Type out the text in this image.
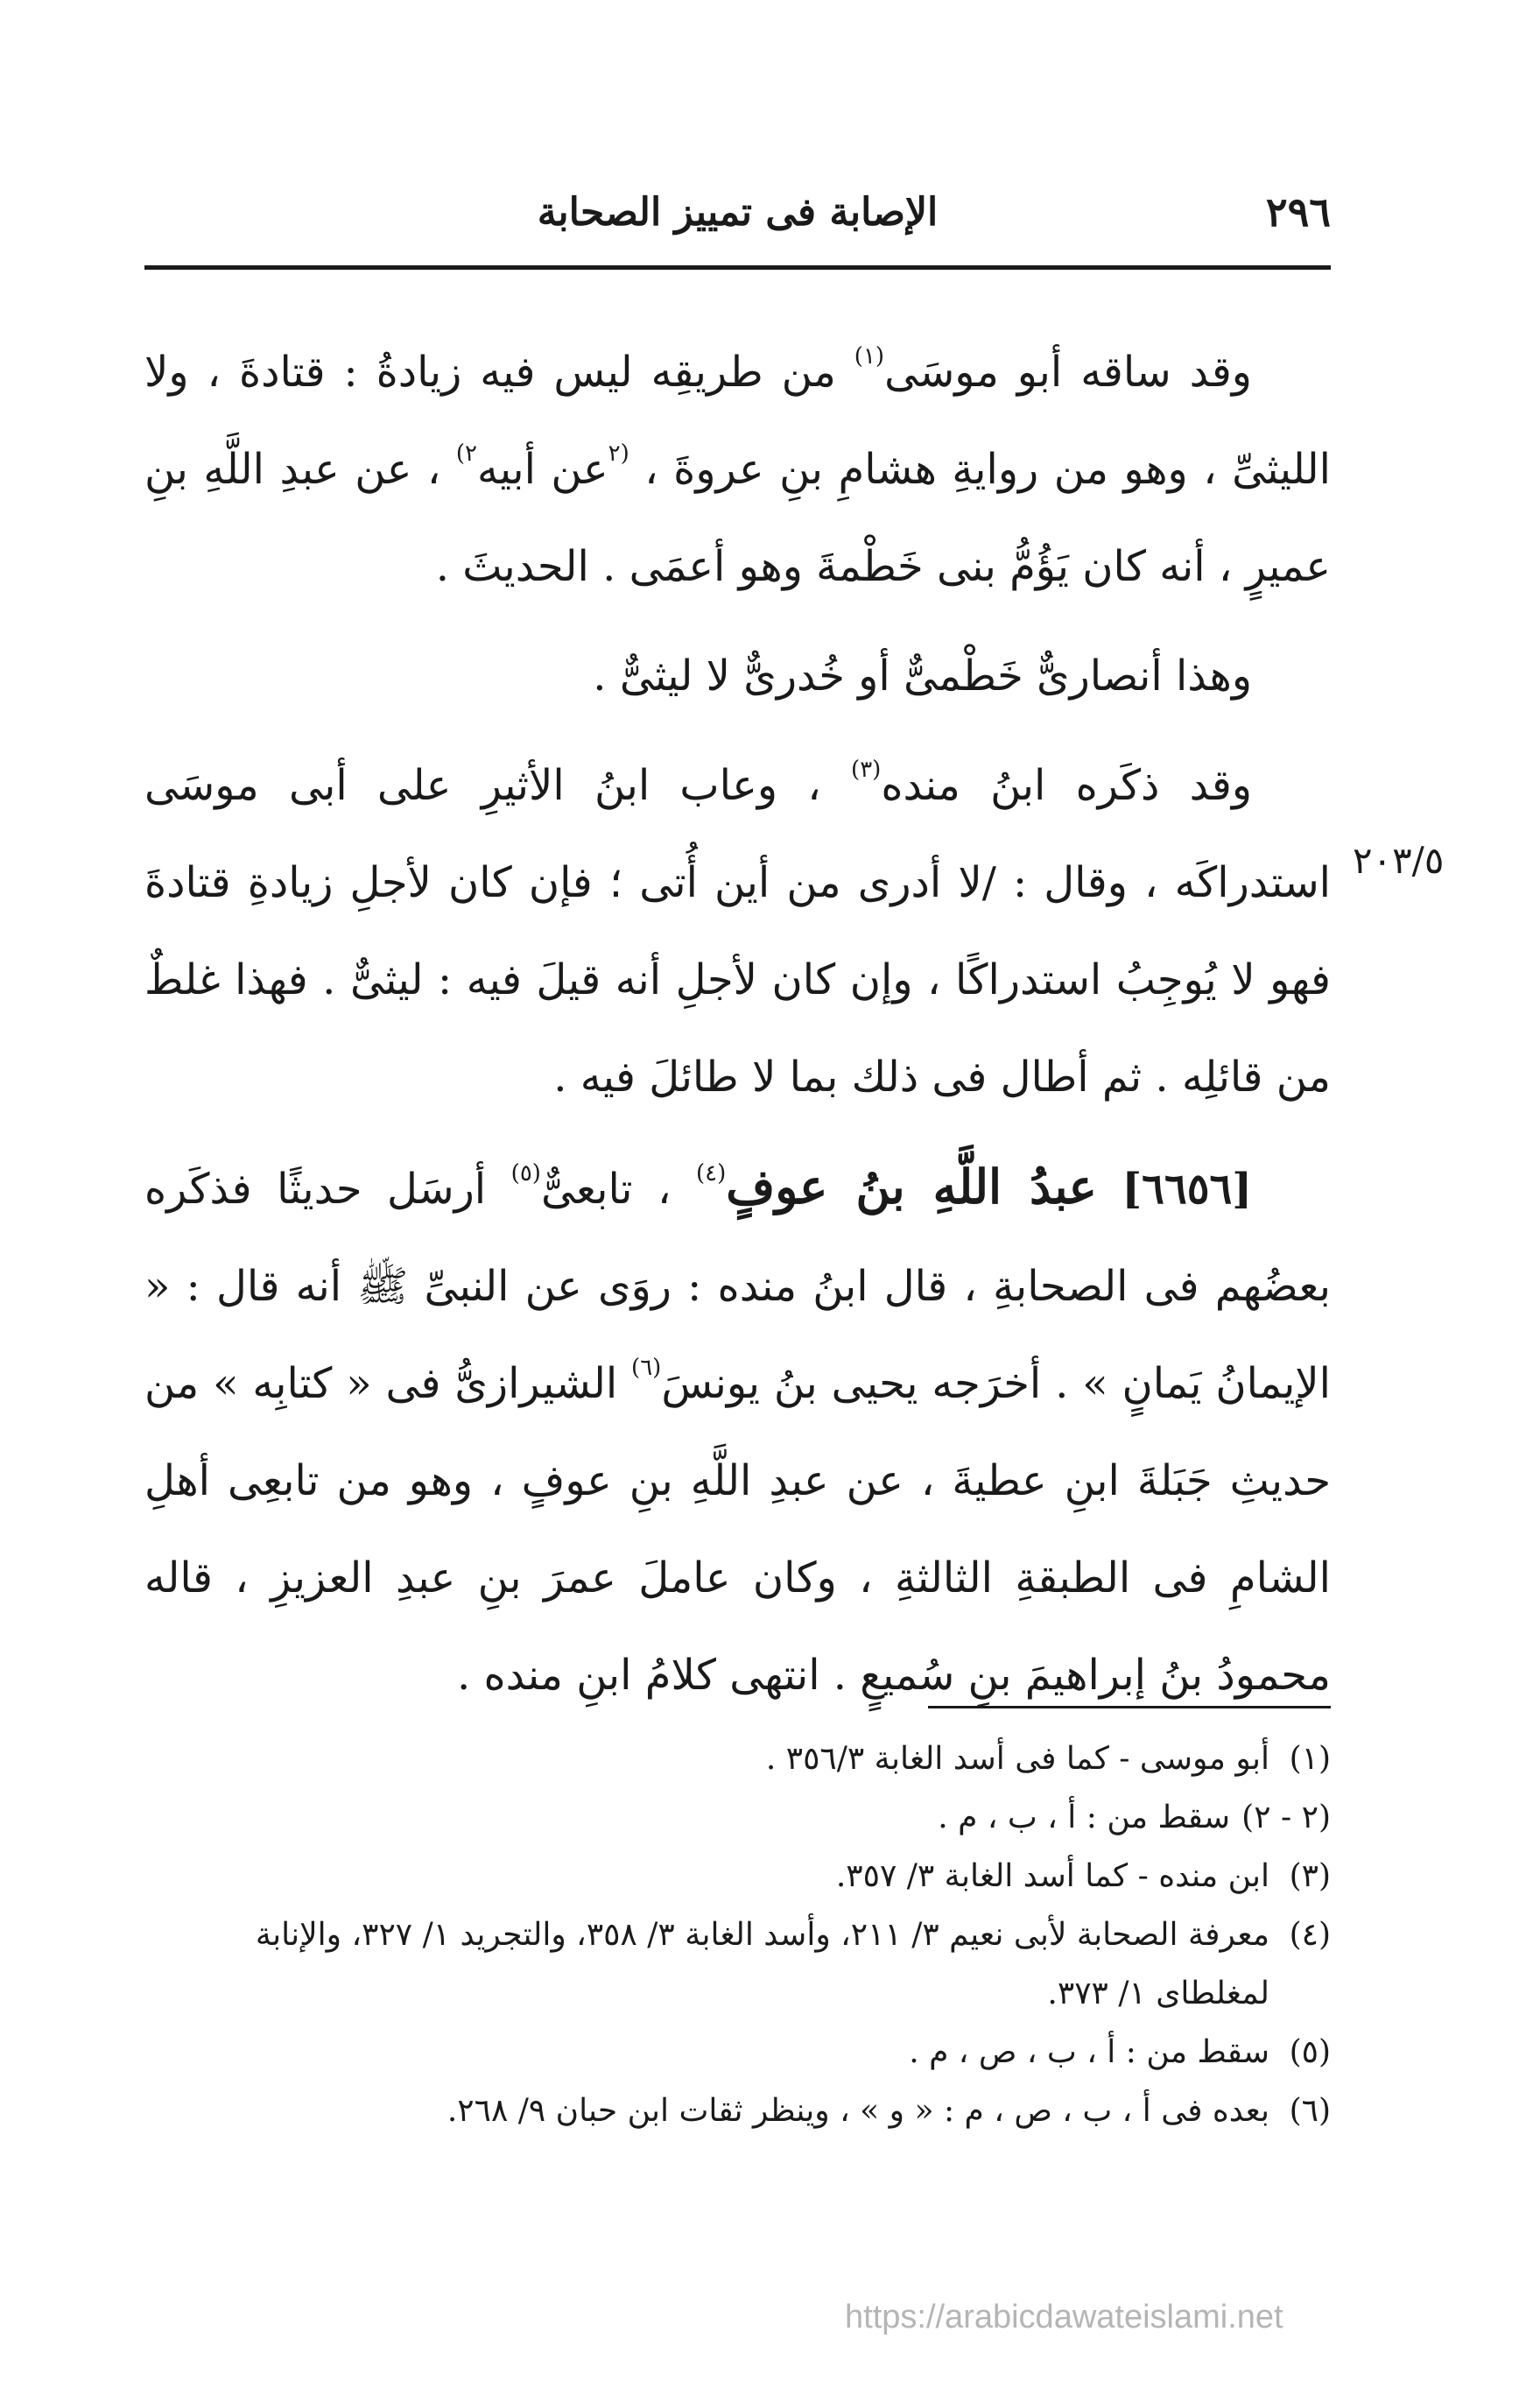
٢٩٦
الإصابة فى تمييز الصحابة
٢٠٣/٥

وقد ساقه أبو موسَى$^{(١)}$ من طريقِه ليس فيه زيادةُ : قتادةَ ، ولا الليثىِّ ، وهو من روايةِ هشامِ بنِ عروةَ ، $^{(٢}$عن أبيه$^{٢)}$ ، عن عبدِ اللَّهِ بنِ عميرٍ ، أنه كان يَؤُمُّ بنى خَطْمةَ وهو أعمَى . الحديثَ .

وهذا أنصارىٌّ خَطْمىٌّ أو خُدرىٌّ لا ليثىٌّ .

وقد ذكَره ابنُ منده$^{(٣)}$ ، وعاب ابنُ الأثيرِ على أبى موسَى استدراكَه ، وقال : /لا أدرى من أين أُتى ؛ فإن كان لأجلِ زيادةِ قتادةَ فهو لا يُوجِبُ استدراكًا ، وإن كان لأجلِ أنه قيلَ فيه : ليثىٌّ . فهذا غلطٌ من قائلِه . ثم أطال فى ذلك بما لا طائلَ فيه .

[٦٦٥٦] عبدُ اللَّهِ بنُ عوفٍ$^{(٤)}$ ، تابعىٌّ$^{(٥)}$ أرسَل حديثًا فذكَره بعضُهم فى الصحابةِ ، قال ابنُ منده : روَى عن النبىِّ ﷺ أنه قال : « الإيمانُ يَمانٍ » . أخرَجه يحيى بنُ يونسَ$^{(٦)}$ الشيرازىُّ فى « كتابِه » من حديثِ جَبَلةَ ابنِ عطيةَ ، عن عبدِ اللَّهِ بنِ عوفٍ ، وهو من تابعِى أهلِ الشامِ فى الطبقةِ الثالثةِ ، وكان عاملَ عمرَ بنِ عبدِ العزيزِ ، قاله محمودُ بنُ إبراهيمَ بنِ سُميعٍ . انتهى كلامُ ابنِ منده .

(١)
أبو موسى - كما فى أسد الغابة ٣٥٦/٣ .

(٢ - ٢)
سقط من : أ ، ب ، م .

(٣)
ابن منده - كما أسد الغابة ٣/ ٣٥٧.

(٤)
معرفة الصحابة لأبى نعيم ٣/ ٢١١، وأسد الغابة ٣/ ٣٥٨، والتجريد ١/ ٣٢٧، والإنابة لمغلطاى ١/ ٣٧٣.

(٥)
سقط من : أ ، ب ، ص ، م .

(٦)
بعده فى أ ، ب ، ص ، م : « و » ، وينظر ثقات ابن حبان ٩/ ٢٦٨.

https://arabicdawateislami.net
